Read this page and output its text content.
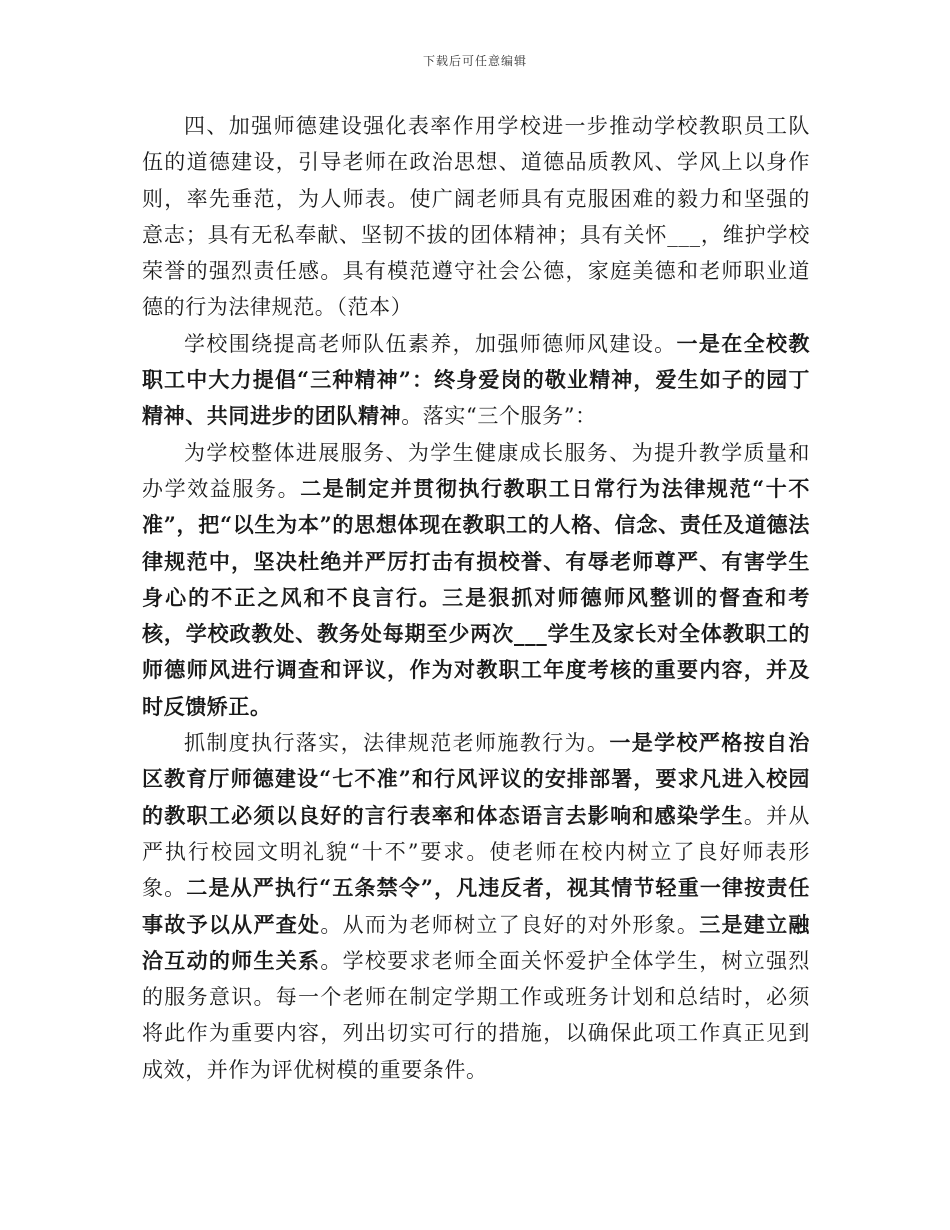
下载后可任意编辑

四、加强师德建设强化表率作用学校进一步推动学校教职员工队伍的道德建设，引导老师在政治思想、道德品质教风、学风上以身作则，率先垂范，为人师表。使广阔老师具有克服困难的毅力和坚强的意志；具有无私奉献、坚韧不拔的团体精神；具有关怀___，维护学校荣誉的强烈责任感。具有模范遵守社会公德，家庭美德和老师职业道德的行为法律规范。（范本）

学校围绕提高老师队伍素养，加强师德师风建设。一是在全校教职工中大力提倡“三种精神”：终身爱岗的敬业精神，爱生如子的园丁精神、共同进步的团队精神。落实“三个服务”：

为学校整体进展服务、为学生健康成长服务、为提升教学质量和办学效益服务。二是制定并贯彻执行教职工日常行为法律规范“十不准”，把“以生为本”的思想体现在教职工的人格、信念、责任及道德法律规范中，坚决杜绝并严厉打击有损校誉、有辱老师尊严、有害学生身心的不正之风和不良言行。三是狠抓对师德师风整训的督查和考核，学校政教处、教务处每期至少两次___学生及家长对全体教职工的师德师风进行调查和评议，作为对教职工年度考核的重要内容，并及时反馈矫正。

抓制度执行落实，法律规范老师施教行为。一是学校严格按自治区教育厅师德建设“七不准”和行风评议的安排部署，要求凡进入校园的教职工必须以良好的言行表率和体态语言去影响和感染学生。并从严执行校园文明礼貌“十不”要求。使老师在校内树立了良好师表形象。二是从严执行“五条禁令”，凡违反者，视其情节轻重一律按责任事故予以从严查处。从而为老师树立了良好的对外形象。三是建立融洽互动的师生关系。学校要求老师全面关怀爱护全体学生，树立强烈的服务意识。每一个老师在制定学期工作或班务计划和总结时，必须将此作为重要内容，列出切实可行的措施，以确保此项工作真正见到成效，并作为评优树模的重要条件。
